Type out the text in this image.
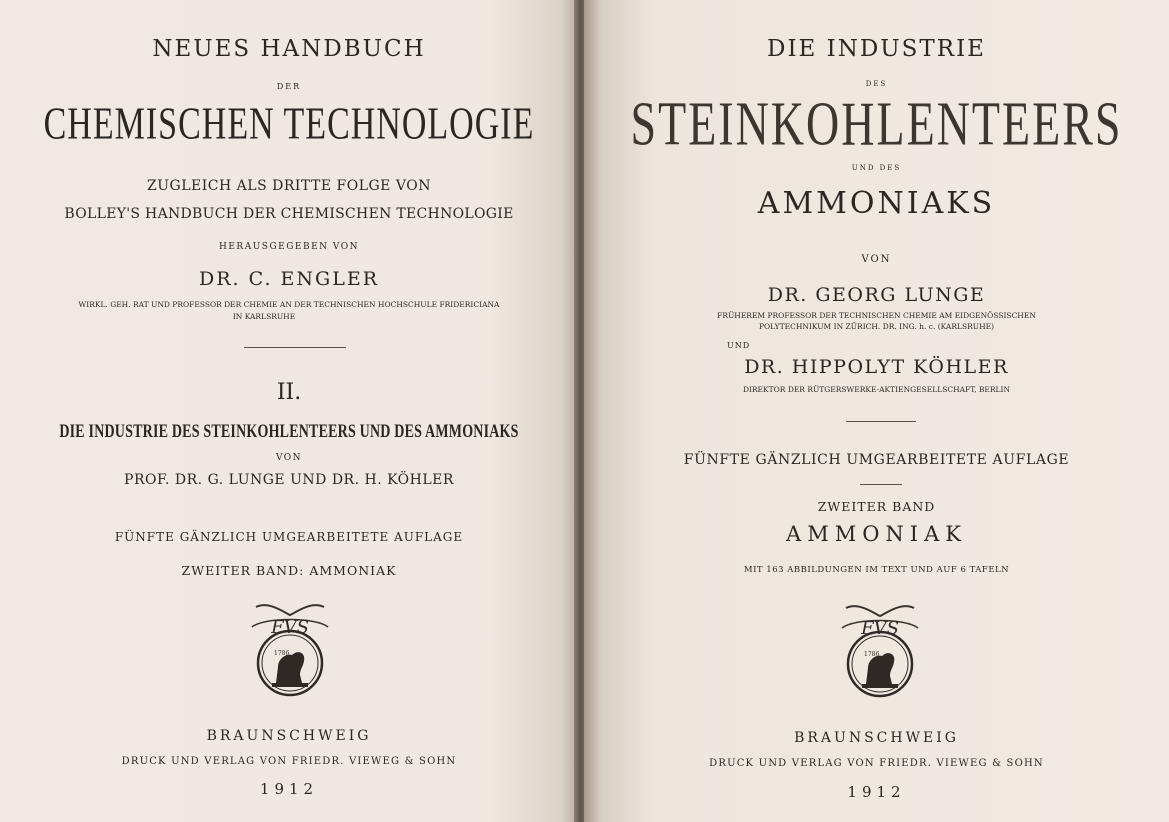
NEUES HANDBUCH
DER
CHEMISCHEN TECHNOLOGIE
ZUGLEICH ALS DRITTE FOLGE VON
BOLLEY'S HANDBUCH DER CHEMISCHEN TECHNOLOGIE
HERAUSGEGEBEN VON
DR. C. ENGLER
WIRKL. GEH. RAT UND PROFESSOR DER CHEMIE AN DER TECHNISCHEN HOCHSCHULE FRIDERICIANA
IN KARLSRUHE
II.
DIE INDUSTRIE DES STEINKOHLENTEERS UND DES AMMONIAKS
VON
PROF. DR. G. LUNGE UND DR. H. KÖHLER
FÜNFTE GÄNZLICH UMGEARBEITETE AUFLAGE
ZWEITER BAND: AMMONIAK
FVS
1786
BRAUNSCHWEIG
DRUCK UND VERLAG VON FRIEDR. VIEWEG & SOHN
1912
DIE INDUSTRIE
DES
STEINKOHLENTEERS
UND DES
AMMONIAKS
VON
DR. GEORG LUNGE
FRÜHEREM PROFESSOR DER TECHNISCHEN CHEMIE AM EIDGENÖSSISCHEN
POLYTECHNIKUM IN ZÜRICH. DR. ING. h. c. (KARLSRUHE)
UND
DR. HIPPOLYT KÖHLER
DIREKTOR DER RÜTGERSWERKE-AKTIENGESELLSCHAFT, BERLIN
FÜNFTE GÄNZLICH UMGEARBEITETE AUFLAGE
ZWEITER BAND
AMMONIAK
MIT 163 ABBILDUNGEN IM TEXT UND AUF 6 TAFELN
FVS
1786
BRAUNSCHWEIG
DRUCK UND VERLAG VON FRIEDR. VIEWEG & SOHN
1912
